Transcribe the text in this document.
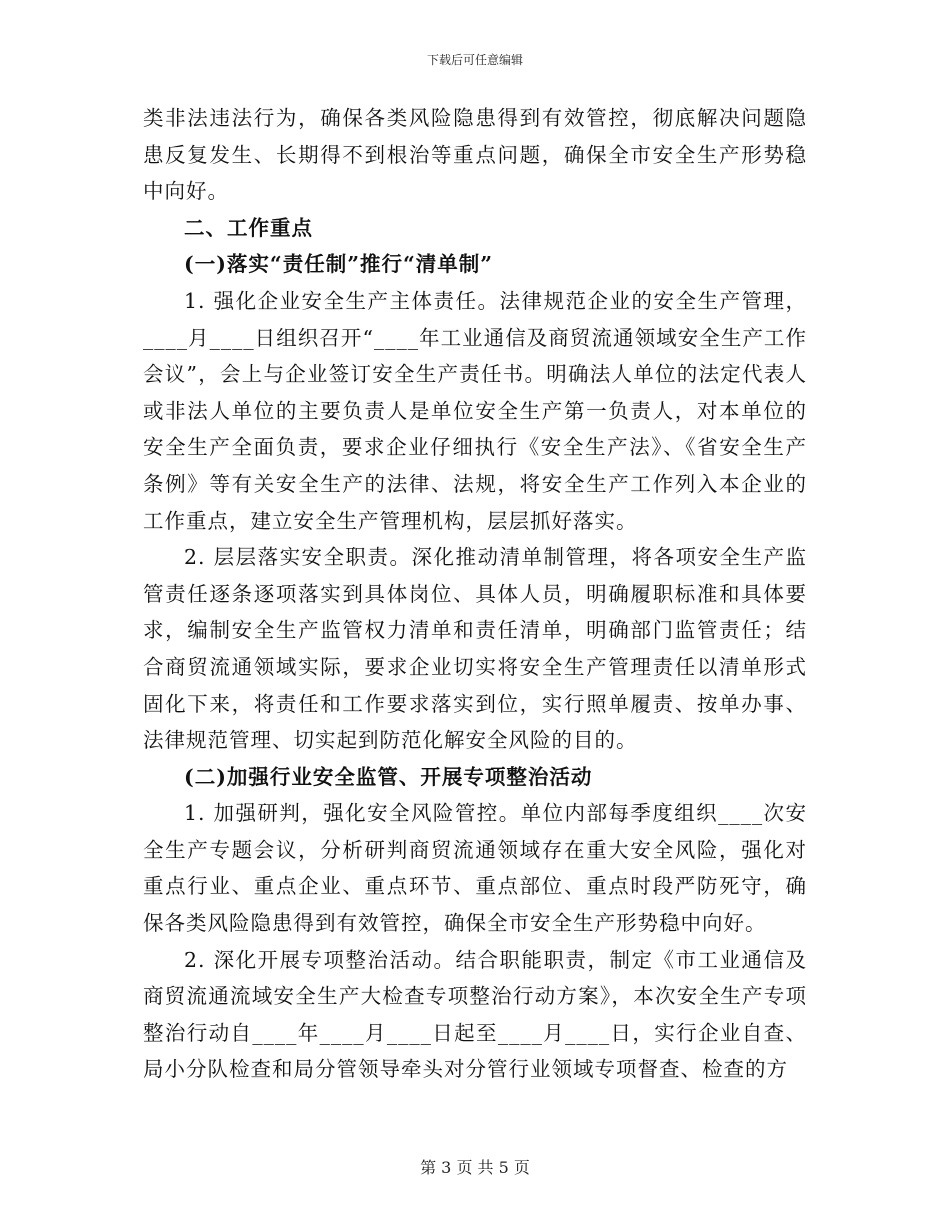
下载后可任意编辑

类非法违法行为，确保各类风险隐患得到有效管控，彻底解决问题隐患反复发生、长期得不到根治等重点问题，确保全市安全生产形势稳中向好。

二、工作重点

(一)落实“责任制”推行“清单制”

1. 强化企业安全生产主体责任。法律规范企业的安全生产管理，____月____日组织召开“____年工业通信及商贸流通领域安全生产工作会议”，会上与企业签订安全生产责任书。明确法人单位的法定代表人或非法人单位的主要负责人是单位安全生产第一负责人，对本单位的安全生产全面负责，要求企业仔细执行《安全生产法》、《省安全生产条例》等有关安全生产的法律、法规，将安全生产工作列入本企业的工作重点，建立安全生产管理机构，层层抓好落实。

2. 层层落实安全职责。深化推动清单制管理，将各项安全生产监管责任逐条逐项落实到具体岗位、具体人员，明确履职标准和具体要求，编制安全生产监管权力清单和责任清单，明确部门监管责任；结合商贸流通领域实际，要求企业切实将安全生产管理责任以清单形式固化下来，将责任和工作要求落实到位，实行照单履责、按单办事、法律规范管理、切实起到防范化解安全风险的目的。

(二)加强行业安全监管、开展专项整治活动

1. 加强研判，强化安全风险管控。单位内部每季度组织____次安全生产专题会议，分析研判商贸流通领域存在重大安全风险，强化对重点行业、重点企业、重点环节、重点部位、重点时段严防死守，确保各类风险隐患得到有效管控，确保全市安全生产形势稳中向好。

2. 深化开展专项整治活动。结合职能职责，制定《市工业通信及商贸流通流域安全生产大检查专项整治行动方案》，本次安全生产专项整治行动自____年____月____日起至____月____日，实行企业自查、局小分队检查和局分管领导牵头对分管行业领域专项督查、检查的方

第 3 页 共 5 页
